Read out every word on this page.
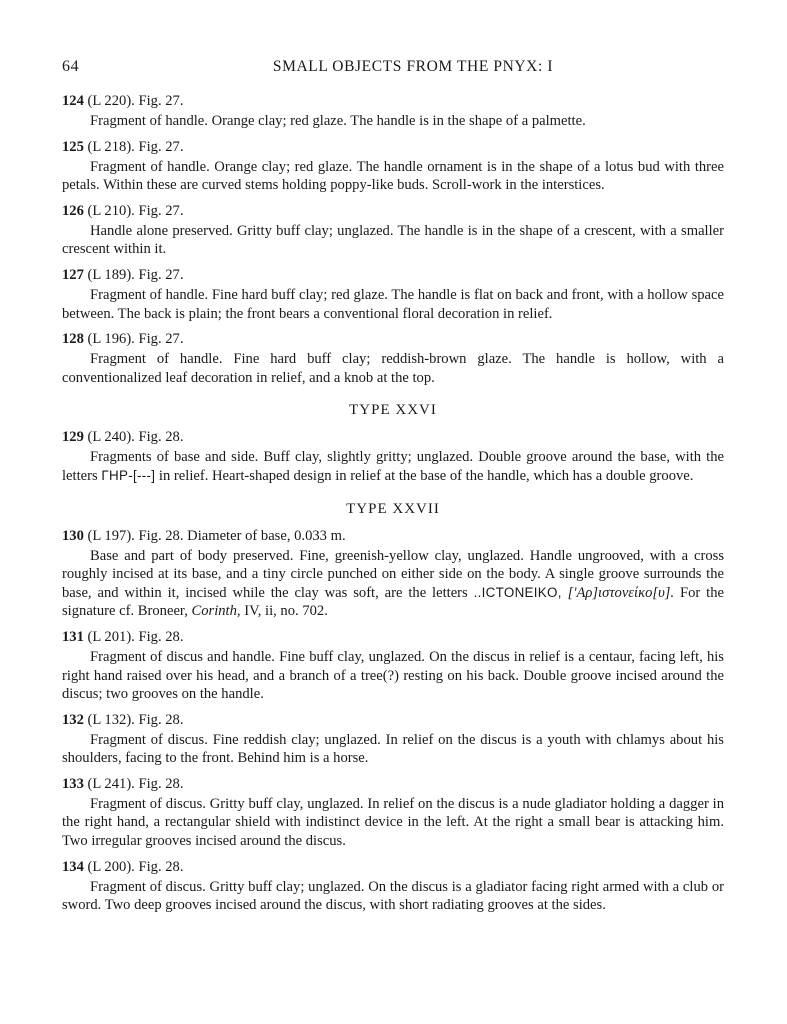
64	SMALL OBJECTS FROM THE PNYX: I

124 (L 220). Fig. 27.

Fragment of handle. Orange clay; red glaze. The handle is in the shape of a palmette.

125 (L 218). Fig. 27.

Fragment of handle. Orange clay; red glaze. The handle ornament is in the shape of a lotus bud with three petals. Within these are curved stems holding poppy-like buds. Scroll-work in the interstices.

126 (L 210). Fig. 27.

Handle alone preserved. Gritty buff clay; unglazed. The handle is in the shape of a crescent, with a smaller crescent within it.

127 (L 189). Fig. 27.

Fragment of handle. Fine hard buff clay; red glaze. The handle is flat on back and front, with a hollow space between. The back is plain; the front bears a conventional floral decoration in relief.

128 (L 196). Fig. 27.

Fragment of handle. Fine hard buff clay; reddish-brown glaze. The handle is hollow, with a conventionalized leaf decoration in relief, and a knob at the top.

TYPE XXVI

129 (L 240). Fig. 28.

Fragments of base and side. Buff clay, slightly gritty; unglazed. Double groove around the base, with the letters ΓΗΡ-[---] in relief. Heart-shaped design in relief at the base of the handle, which has a double groove.

TYPE XXVII

130 (L 197). Fig. 28. Diameter of base, 0.033 m.

Base and part of body preserved. Fine, greenish-yellow clay, unglazed. Handle ungrooved, with a cross roughly incised at its base, and a tiny circle punched on either side on the body. A single groove surrounds the base, and within it, incised while the clay was soft, are the letters ..ICTONEIKO, ['Αρ]ιστονείκο[υ]. For the signature cf. Broneer, Corinth, IV, ii, no. 702.

131 (L 201). Fig. 28.

Fragment of discus and handle. Fine buff clay, unglazed. On the discus in relief is a centaur, facing left, his right hand raised over his head, and a branch of a tree(?) resting on his back. Double groove incised around the discus; two grooves on the handle.

132 (L 132). Fig. 28.

Fragment of discus. Fine reddish clay; unglazed. In relief on the discus is a youth with chlamys about his shoulders, facing to the front. Behind him is a horse.

133 (L 241). Fig. 28.

Fragment of discus. Gritty buff clay, unglazed. In relief on the discus is a nude gladiator holding a dagger in the right hand, a rectangular shield with indistinct device in the left. At the right a small bear is attacking him. Two irregular grooves incised around the discus.

134 (L 200). Fig. 28.

Fragment of discus. Gritty buff clay; unglazed. On the discus is a gladiator facing right armed with a club or sword. Two deep grooves incised around the discus, with short radiating grooves at the sides.
